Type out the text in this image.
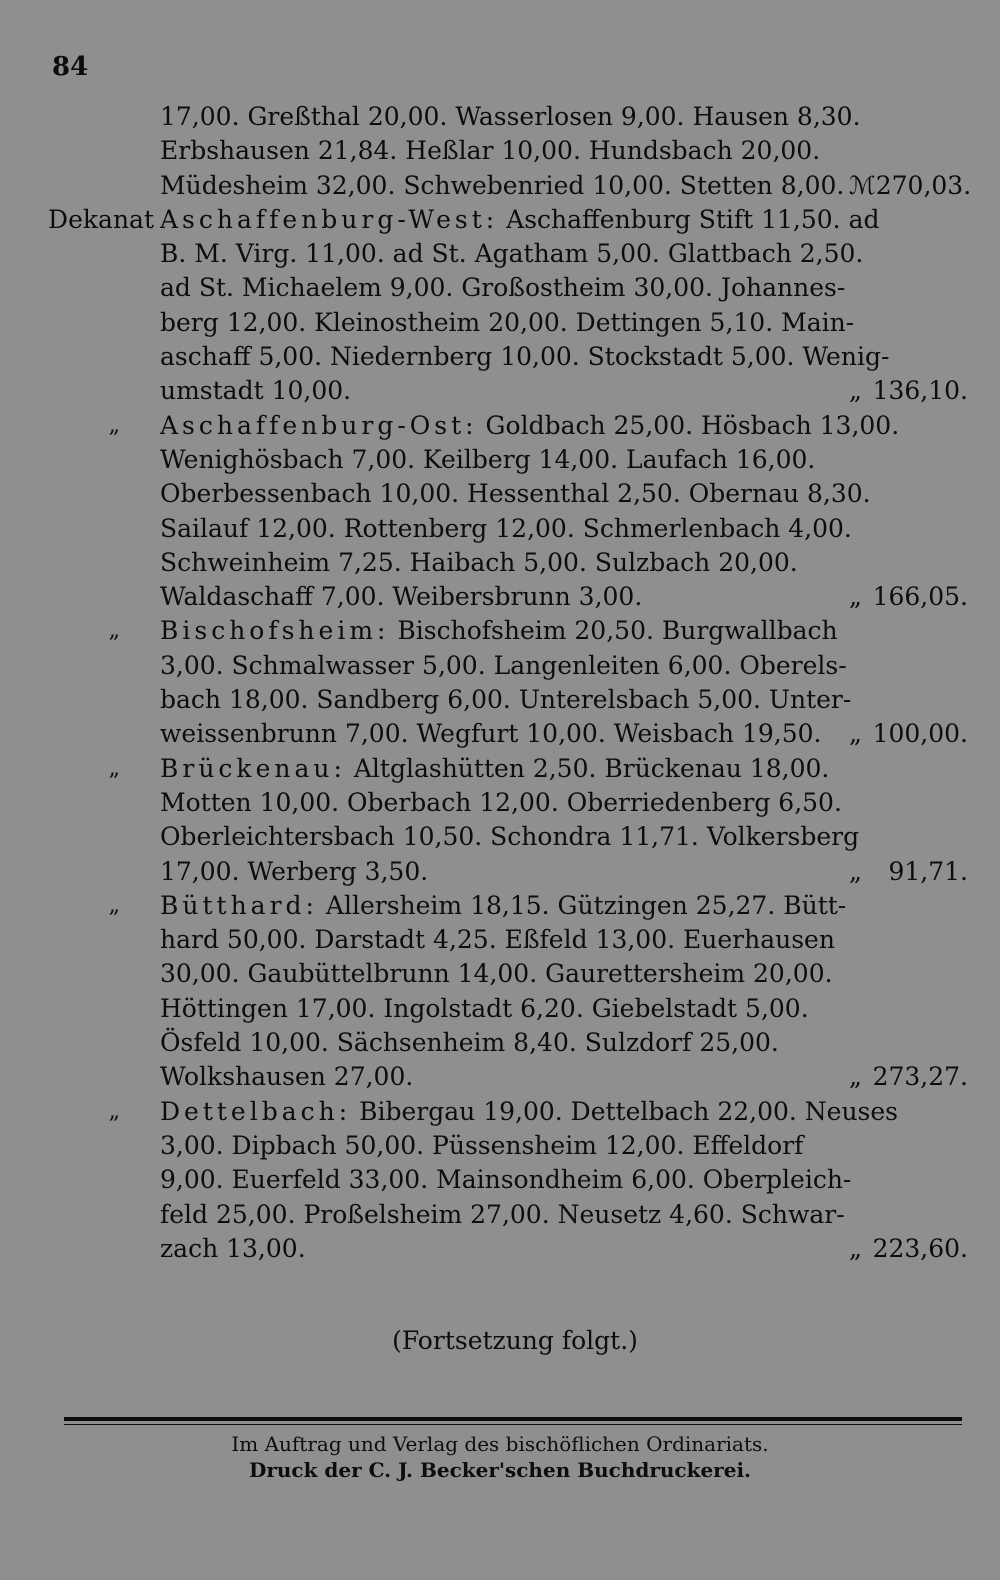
84
17,00. Greßthal 20,00. Wasserlosen 9,00. Hausen 8,30.
Erbshausen 21,84. Heßlar 10,00. Hundsbach 20,00.
Müdesheim 32,00. Schwebenried 10,00. Stetten 8,00. ℳ 270,03.
Dekanat Aschaffenburg-West: Aschaffenburg Stift 11,50. ad
B. M. Virg. 11,00. ad St. Agatham 5,00. Glattbach 2,50.
ad St. Michaelem 9,00. Großostheim 30,00. Johannes-
berg 12,00. Kleinostheim 20,00. Dettingen 5,10. Main-
aschaff 5,00. Niedernberg 10,00. Stockstadt 5,00. Wenig-
umstadt 10,00.	„ 136,10.
„	Aschaffenburg-Ost: Goldbach 25,00. Hösbach 13,00.
Wenighösbach 7,00. Keilberg 14,00. Laufach 16,00.
Oberbessenbach 10,00. Hessenthal 2,50. Obernau 8,30.
Sailauf 12,00. Rottenberg 12,00. Schmerlenbach 4,00.
Schweinheim 7,25. Haibach 5,00. Sulzbach 20,00.
Waldaschaff 7,00. Weibersbrunn 3,00.	„ 166,05.
„	Bischofsheim: Bischofsheim 20,50. Burgwallbach
3,00. Schmalwasser 5,00. Langenleiten 6,00. Oberels-
bach 18,00. Sandberg 6,00. Unterelsbach 5,00. Unter-
weissenbrunn 7,00. Wegfurt 10,00. Weisbach 19,50.	„ 100,00.
„	Brückenau: Altglashütten 2,50. Brückenau 18,00.
Motten 10,00. Oberbach 12,00. Oberriedenberg 6,50.
Oberleichtersbach 10,50. Schondra 11,71. Volkersberg
17,00. Werberg 3,50.	„ 91,71.
„	Bütthard: Allersheim 18,15. Gützingen 25,27. Bütt-
hard 50,00. Darstadt 4,25. Eßfeld 13,00. Euerhausen
30,00. Gaubüttelbrunn 14,00. Gaurettersheim 20,00.
Höttingen 17,00. Ingolstadt 6,20. Giebelstadt 5,00.
Ösfeld 10,00. Sächsenheim 8,40. Sulzdorf 25,00.
Wolkshausen 27,00.	„ 273,27.
„	Dettelbach: Bibergau 19,00. Dettelbach 22,00. Neuses
3,00. Dipbach 50,00. Püssensheim 12,00. Effeldorf
9,00. Euerfeld 33,00. Mainsondheim 6,00. Oberpleich-
feld 25,00. Proßelsheim 27,00. Neusetz 4,60. Schwar-
zach 13,00.	„ 223,60.
(Fortsetzung folgt.)
Im Auftrag und Verlag des bischöflichen Ordinariats.
Druck der C. J. Becker'schen Buchdruckerei.
